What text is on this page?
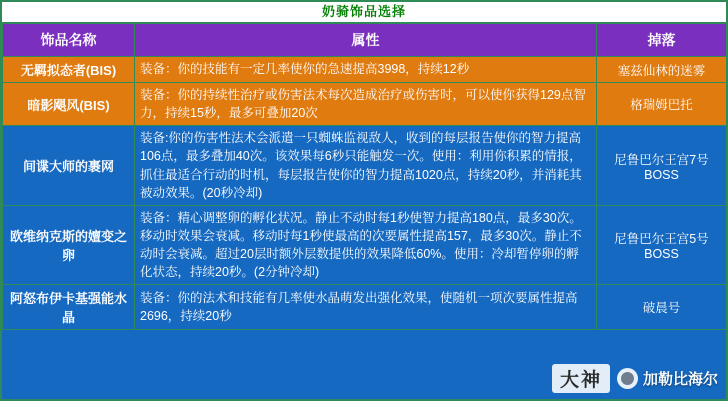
奶骑饰品选择
饰品名称	属性	掉落
无羁拟态者(BIS)	装备：你的技能有一定几率使你的急速提高3998，持续12秒	塞兹仙林的迷雾
暗影飓风(BIS)	装备：你的持续性治疗或伤害法术每次造成治疗或伤害时，可以使你获得129点智力，持续15秒，最多可叠加20次	格瑞姆巴托
间谍大师的裹网	装备:你的伤害性法术会派遣一只蜘蛛监视敌人，收到的每层报告使你的智力提高106点，最多叠加40次。该效果每6秒只能触发一次。使用：利用你积累的情报，抓住最适合行动的时机，每层报告使你的智力提高1020点，持续20秒，并消耗其被动效果。(20秒冷却)	尼鲁巴尔王宫7号BOSS
欧维纳克斯的嬗变之卵	装备：精心调整卵的孵化状况。静止不动时每1秒使智力提高180点，最多30次。移动时效果会衰减。移动时每1秒使最高的次要属性提高157，最多30次。静止不动时会衰减。超过20层时额外层数提供的效果降低60%。使用：冷却暂停卵的孵化状态，持续20秒。(2分钟冷却)	尼鲁巴尔王宫5号BOSS
阿怒布伊卡基强能水晶	装备：你的法术和技能有几率使水晶萌发出强化效果，使随机一项次要属性提高2696，持续20秒	破晨号
大神	加勒比海尔
